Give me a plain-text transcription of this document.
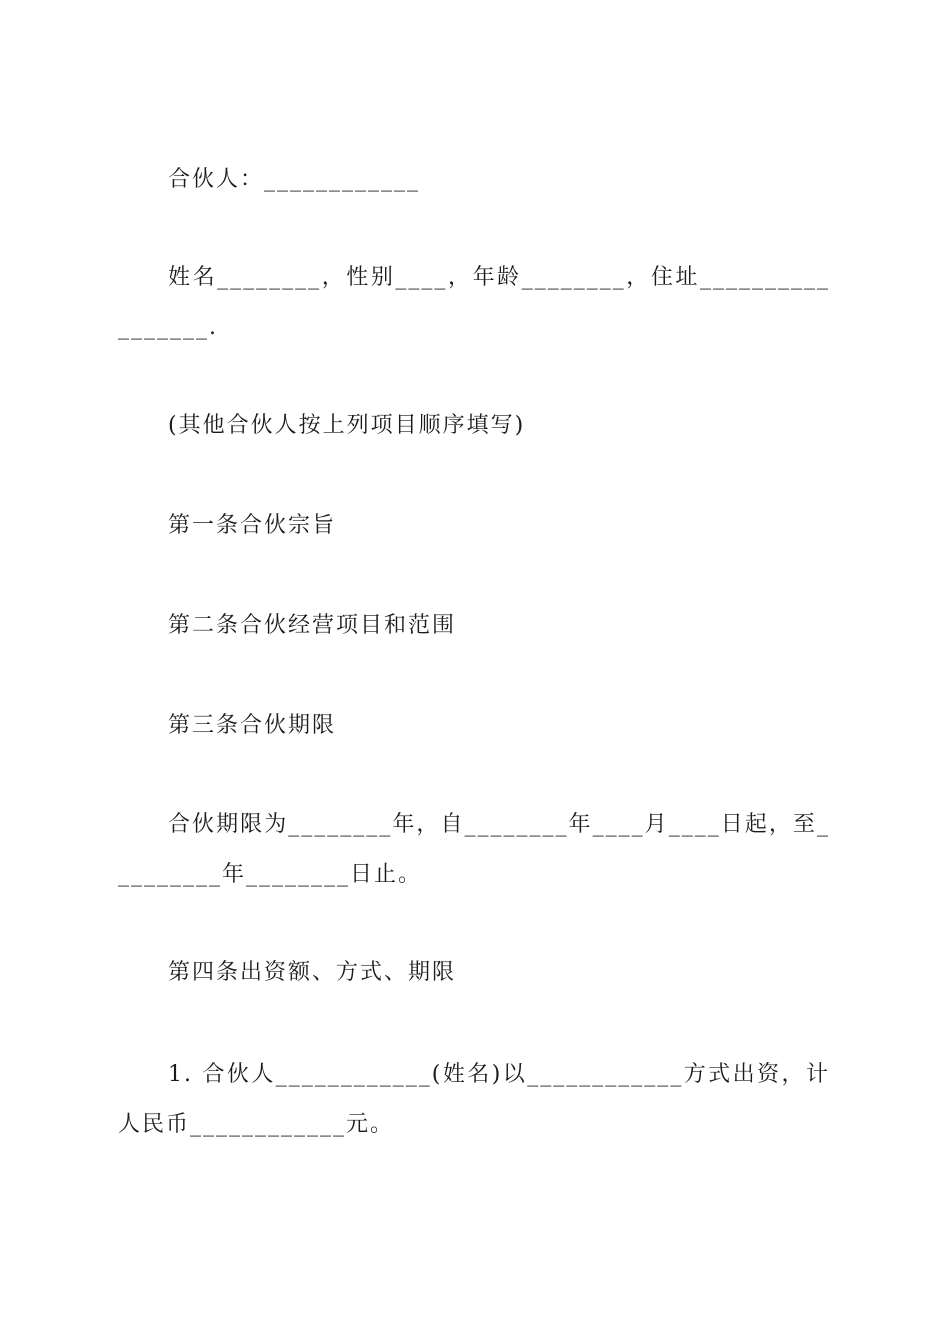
合伙人：____________
姓名________，性别____，年龄________，住址_________________.
(其他合伙人按上列项目顺序填写)
第一条合伙宗旨
第二条合伙经营项目和范围
第三条合伙期限
合伙期限为________年，自________年____月____日起，至_________年________日止。
第四条出资额、方式、期限
1. 合伙人____________(姓名)以____________方式出资，计人民币____________元。
